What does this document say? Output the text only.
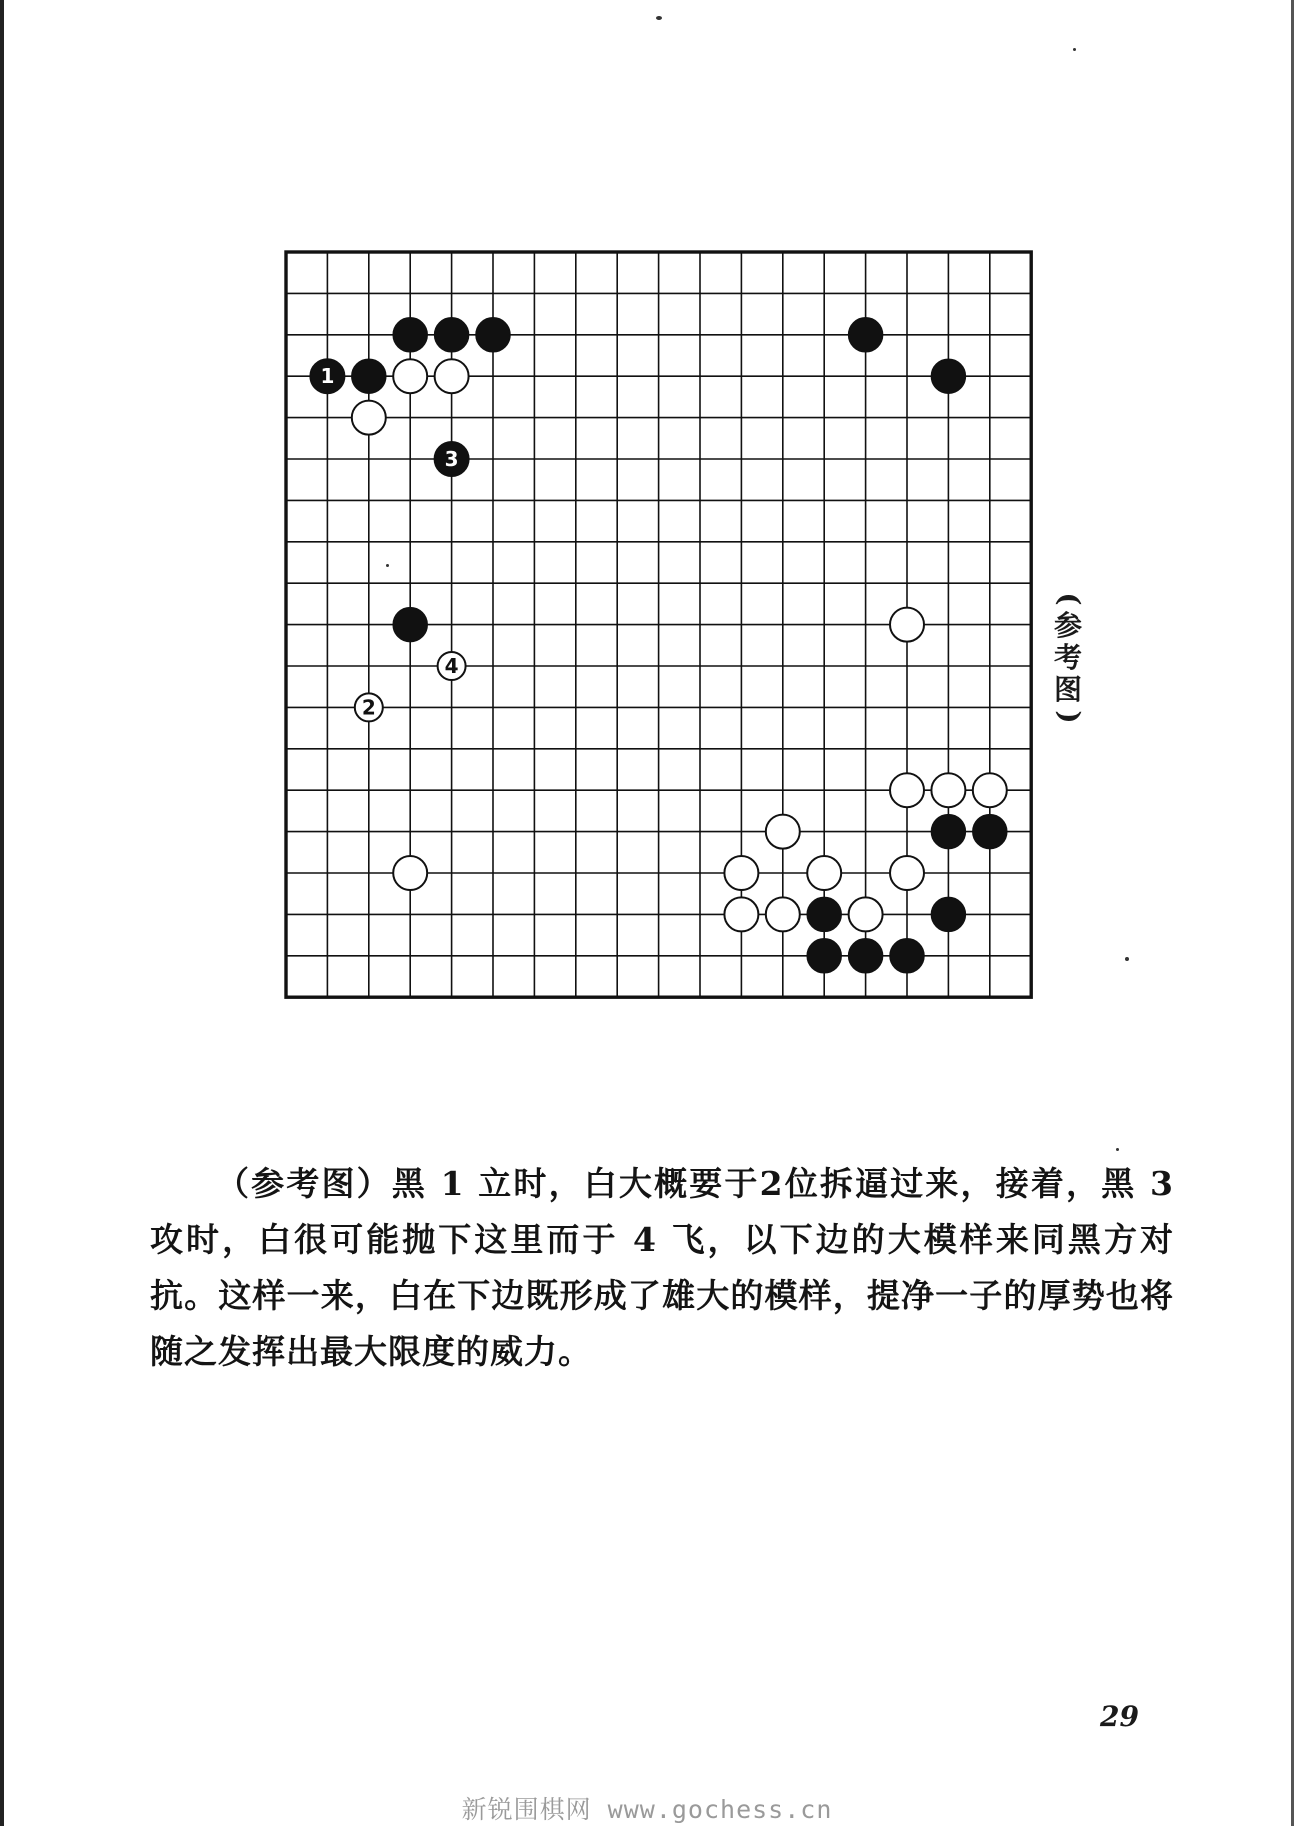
1
2
3
4
(
参
考
图
)

（参考图）黑 1 立时，白大概要于2位拆逼过来，接着，黑 3 攻时，白很可能抛下这里而于 4 飞，以下边的大模样来同黑方对抗。这样一来，白在下边既形成了雄大的模样，提净一子的厚势也将随之发挥出最大限度的威力。

29
新锐围棋网 www.gochess.cn
